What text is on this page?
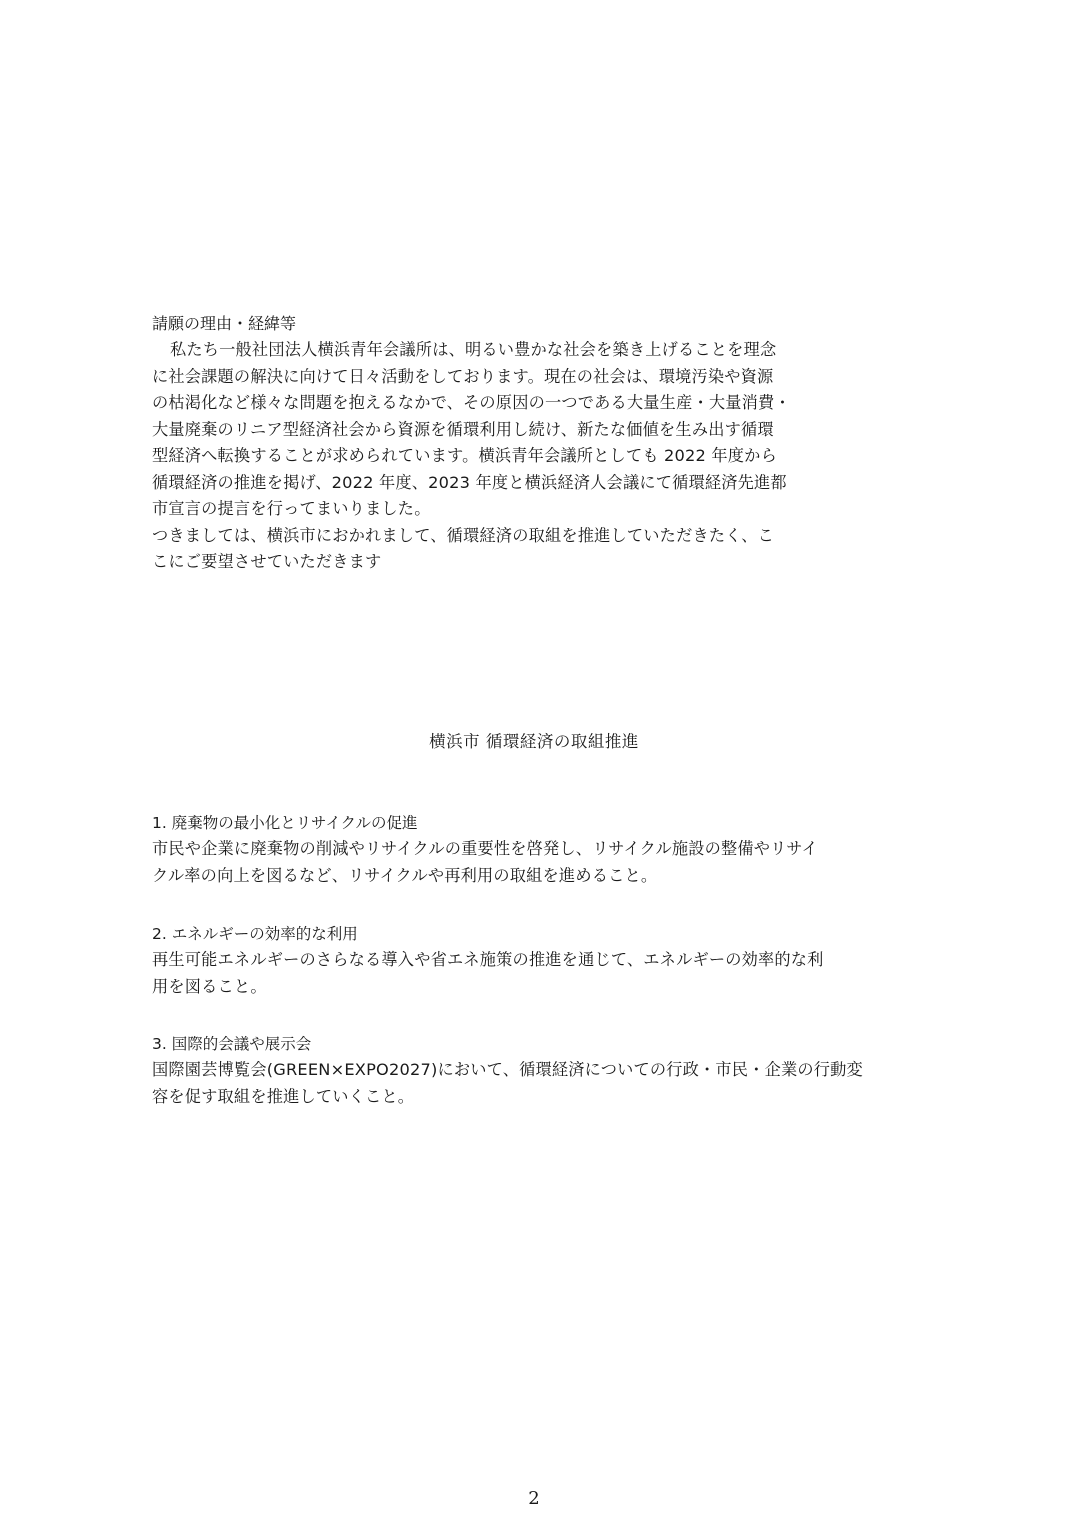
請願の理由・経緯等
私たち一般社団法人横浜青年会議所は、明るい豊かな社会を築き上げることを理念
に社会課題の解決に向けて日々活動をしております。現在の社会は、環境汚染や資源
の枯渇化など様々な問題を抱えるなかで、その原因の一つである大量生産・大量消費・
大量廃棄のリニア型経済社会から資源を循環利用し続け、新たな価値を生み出す循環
型経済へ転換することが求められています。横浜青年会議所としても 2022 年度から
循環経済の推進を掲げ、2022 年度、2023 年度と横浜経済人会議にて循環経済先進都
市宣言の提言を行ってまいりました。
つきましては、横浜市におかれまして、循環経済の取組を推進していただきたく、こ
こにご要望させていただきます
横浜市 循環経済の取組推進
1. 廃棄物の最小化とリサイクルの促進
市民や企業に廃棄物の削減やリサイクルの重要性を啓発し、リサイクル施設の整備やリサイ
クル率の向上を図るなど、リサイクルや再利用の取組を進めること。
2. エネルギーの効率的な利用
再生可能エネルギーのさらなる導入や省エネ施策の推進を通じて、エネルギーの効率的な利
用を図ること。
3. 国際的会議や展示会
国際園芸博覧会(GREEN×EXPO2027)において、循環経済についての行政・市民・企業の行動変
容を促す取組を推進していくこと。
2
